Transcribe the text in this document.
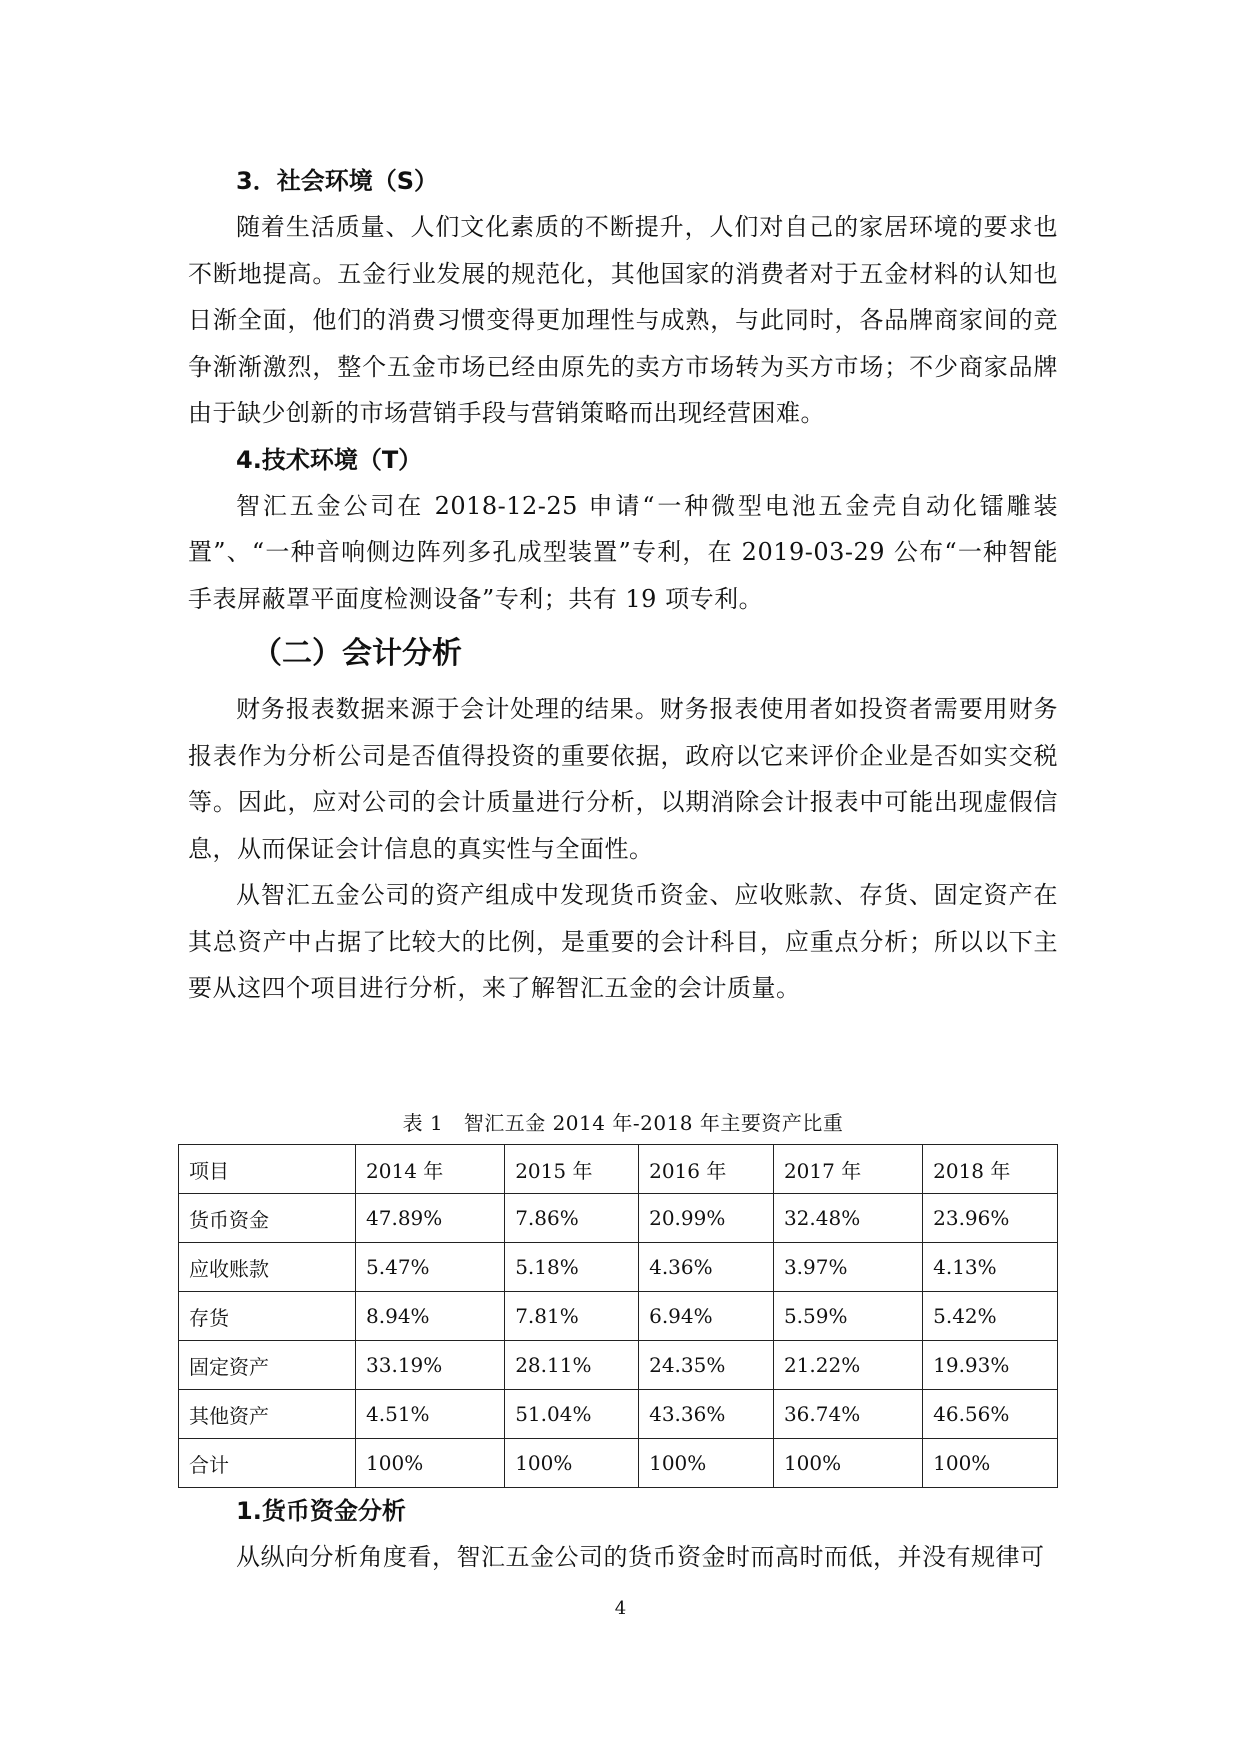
3．社会环境（S）

随着生活质量、人们文化素质的不断提升，人们对自己的家居环境的要求也不断地提高。五金行业发展的规范化，其他国家的消费者对于五金材料的认知也日渐全面，他们的消费习惯变得更加理性与成熟，与此同时，各品牌商家间的竞争渐渐激烈，整个五金市场已经由原先的卖方市场转为买方市场；不少商家品牌由于缺少创新的市场营销手段与营销策略而出现经营困难。

4.技术环境（T）

智汇五金公司在 2018-12-25 申请“一种微型电池五金壳自动化镭雕装置”、“一种音响侧边阵列多孔成型装置”专利，在 2019-03-29 公布“一种智能手表屏蔽罩平面度检测设备”专利；共有 19 项专利。

（二）会计分析

财务报表数据来源于会计处理的结果。财务报表使用者如投资者需要用财务报表作为分析公司是否值得投资的重要依据，政府以它来评价企业是否如实交税等。因此，应对公司的会计质量进行分析，以期消除会计报表中可能出现虚假信息，从而保证会计信息的真实性与全面性。

从智汇五金公司的资产组成中发现货币资金、应收账款、存货、固定资产在其总资产中占据了比较大的比例，是重要的会计科目，应重点分析；所以以下主要从这四个项目进行分析，来了解智汇五金的会计质量。

表 1　智汇五金 2014 年-2018 年主要资产比重
项目	2014 年	2015 年	2016 年	2017 年	2018 年
货币资金	47.89%	7.86%	20.99%	32.48%	23.96%
应收账款	5.47%	5.18%	4.36%	3.97%	4.13%
存货	8.94%	7.81%	6.94%	5.59%	5.42%
固定资产	33.19%	28.11%	24.35%	21.22%	19.93%
其他资产	4.51%	51.04%	43.36%	36.74%	46.56%
合计	100%	100%	100%	100%	100%

1.货币资金分析

从纵向分析角度看，智汇五金公司的货币资金时而高时而低，并没有规律可

4
